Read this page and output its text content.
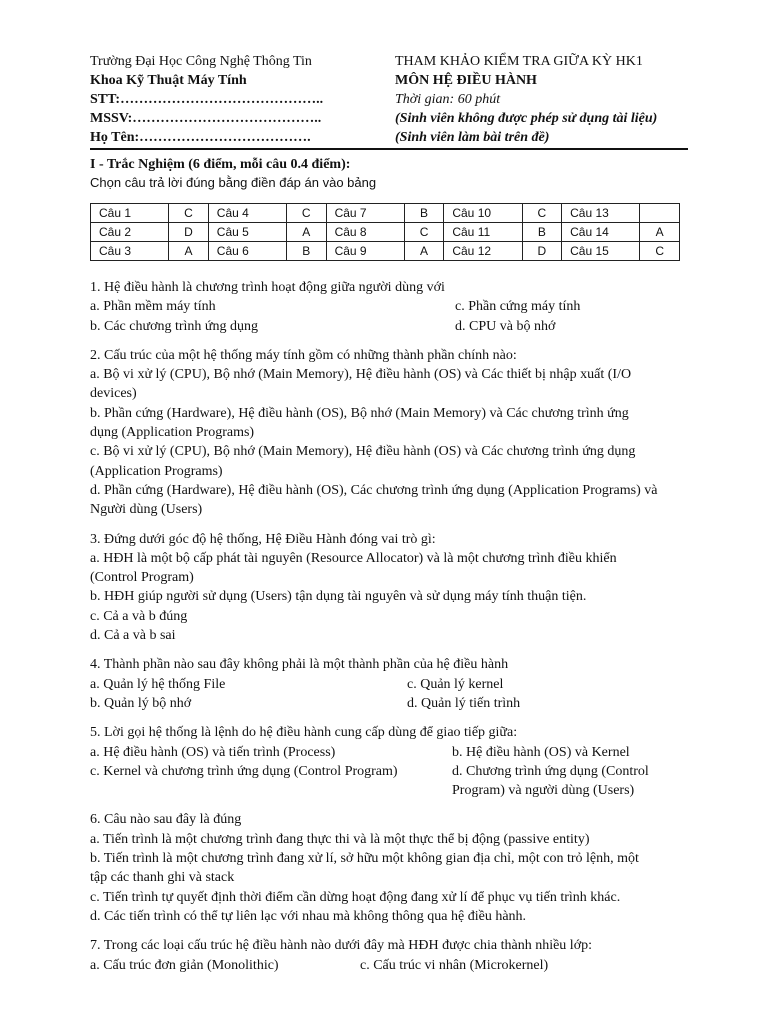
Trường Đại Học Công Nghệ Thông Tin
Khoa Kỹ Thuật Máy Tính
STT:……………………………………..
MSSV:…………………………………..
Họ Tên:……………………………….
THAM KHẢO KIỂM TRA GIỮA KỲ HK1
MÔN HỆ ĐIỀU HÀNH
Thời gian: 60 phút
(Sinh viên không được phép sử dụng tài liệu)
(Sinh viên làm bài trên đề)
I - Trắc Nghiệm (6 điểm, mỗi câu 0.4 điểm):
Chọn câu trả lời đúng bằng điền đáp án vào bảng
Câu 1	C	Câu 4	C	Câu 7	B	Câu 10	C	Câu 13	
Câu 2	D	Câu 5	A	Câu 8	C	Câu 11	B	Câu 14	A
Câu 3	A	Câu 6	B	Câu 9	A	Câu 12	D	Câu 15	C
1. Hệ điều hành là chương trình hoạt động giữa người dùng với
a. Phần mềm máy tính	c. Phần cứng máy tính
b. Các chương trình ứng dụng	d. CPU và bộ nhớ
2. Cấu trúc của một hệ thống máy tính gồm có những thành phần chính nào:
a. Bộ vi xử lý (CPU), Bộ nhớ (Main Memory), Hệ điều hành (OS) và Các thiết bị nhập xuất (I/O
devices)
b. Phần cứng (Hardware), Hệ điều hành (OS), Bộ nhớ (Main Memory) và Các chương trình ứng
dụng (Application Programs)
c. Bộ vi xử lý (CPU), Bộ nhớ (Main Memory), Hệ điều hành (OS) và Các chương trình ứng dụng
(Application Programs)
d. Phần cứng (Hardware), Hệ điều hành (OS), Các chương trình ứng dụng (Application Programs) và
Người dùng (Users)
3. Đứng dưới góc độ hệ thống, Hệ Điều Hành đóng vai trò gì:
a. HĐH là một bộ cấp phát tài nguyên (Resource Allocator) và là một chương trình điều khiển
(Control Program)
b. HĐH giúp người sử dụng (Users) tận dụng tài nguyên và sử dụng máy tính thuận tiện.
c. Cả a và b đúng
d. Cả a và b sai
4. Thành phần nào sau đây không phải là một thành phần của hệ điều hành
a. Quản lý hệ thống File	c. Quản lý kernel
b. Quản lý bộ nhớ	d. Quản lý tiến trình
5. Lời gọi hệ thống là lệnh do hệ điều hành cung cấp dùng để giao tiếp giữa:
a. Hệ điều hành (OS) và tiến trình (Process)	b. Hệ điều hành (OS) và Kernel
c. Kernel và chương trình ứng dụng (Control Program)	d. Chương trình ứng dụng (Control
Program) và người dùng (Users)
6. Câu nào sau đây là đúng
a. Tiến trình là một chương trình đang thực thi và là một thực thể bị động (passive entity)
b. Tiến trình là một chương trình đang xử lí, sở hữu một không gian địa chỉ, một con trỏ lệnh, một
tập các thanh ghi và stack
c. Tiến trình tự quyết định thời điểm cần dừng hoạt động đang xử lí để phục vụ tiến trình khác.
d. Các tiến trình có thể tự liên lạc với nhau mà không thông qua hệ điều hành.
7. Trong các loại cấu trúc hệ điều hành nào dưới đây mà HĐH được chia thành nhiều lớp:
a. Cấu trúc đơn giản (Monolithic)	c. Cấu trúc vi nhân (Microkernel)
